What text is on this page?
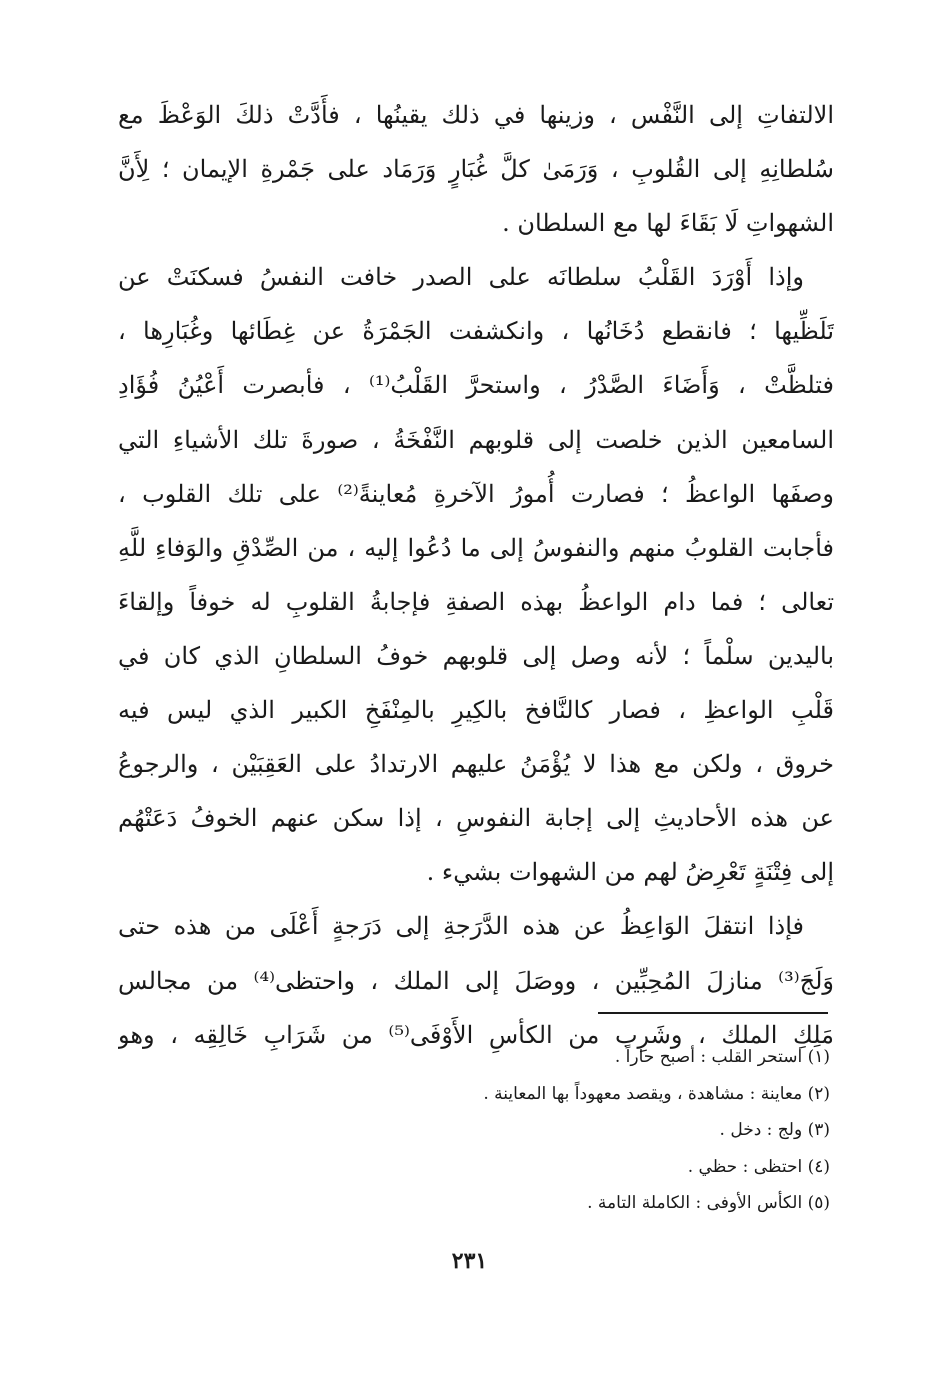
الالتفاتِ إلى النَّفْس ، وزينها في ذلك يقينُها ، فأَدَّتْ ذلكَ الوَعْظَ مع
سُلطانِهِ إلى القُلوبِ ، وَرَمَىٰ كلَّ غُبَارٍ وَرَمَاد على جَمْرةِ الإيمان ؛ لِأَنَّ
الشهواتِ لَا بَقَاءَ لها مع السلطان .
وإذا أَوْرَدَ القَلْبُ سلطانَه على الصدر خافت النفسُ فسكنَتْ عن
تَلَظِّيها ؛ فانقطع دُخَانُها ، وانكشفت الجَمْرَةُ عن غِطَائها وغُبَارِها ،
فتلظَّتْ ، وَأَضَاءَ الصَّدْرُ ، واستحرَّ القَلْبُ⁽¹⁾ ، فأبصرت أَعْيُنُ فُؤَادِ
السامعين الذين خلصت إلى قلوبهم النَّفْخَةُ ، صورةَ تلك الأشياءِ التي
وصفَها الواعظُ ؛ فصارت أُمورُ الآخرةِ مُعاينةً⁽²⁾ على تلك القلوب ،
فأجابت القلوبُ منهم والنفوسُ إلى ما دُعُوا إليه ، من الصِّدْقِ والوَفاءِ للَّهِ
تعالى ؛ فما دام الواعظُ بهذه الصفةِ فإجابةُ القلوبِ له خوفاً وإلقاءَ
باليدين سلْماً ؛ لأنه وصل إلى قلوبهم خوفُ السلطانِ الذي كان في
قَلْبِ الواعظِ ، فصار كالنَّافخ بالكِيرِ بالمِنْفَخِ الكبير الذي ليس فيه
خروق ، ولكن مع هذا لا يُؤْمَنُ عليهم الارتدادُ على العَقِبَيْن ، والرجوعُ
عن هذه الأحاديثِ إلى إجابة النفوسِ ، إذا سكن عنهم الخوفُ دَعَتْهُم
إلى فِتْنَةٍ تَعْرِضُ لهم من الشهوات بشيء .
فإذا انتقلَ الوَاعِظُ عن هذه الدَّرَجةِ إلى دَرَجةٍ أَعْلَى من هذه حتى
وَلَجَ⁽³⁾ منازلَ المُحِبِّين ، ووصَلَ إلى الملك ، واحتظى⁽⁴⁾ من مجالس
مَلِكِ الملك ، وشَرِب من الكأسِ الأَوْفَى⁽⁵⁾ من شَرَابِ خَالِقِه ، وهو
(١) استحر القلب : أصبح حاراً .
(٢) معاينة : مشاهدة ، ويقصد معهوداً بها المعاينة .
(٣) ولج : دخل .
(٤) احتظى : حظي .
(٥) الكأس الأوفى : الكاملة التامة .
٢٣١
